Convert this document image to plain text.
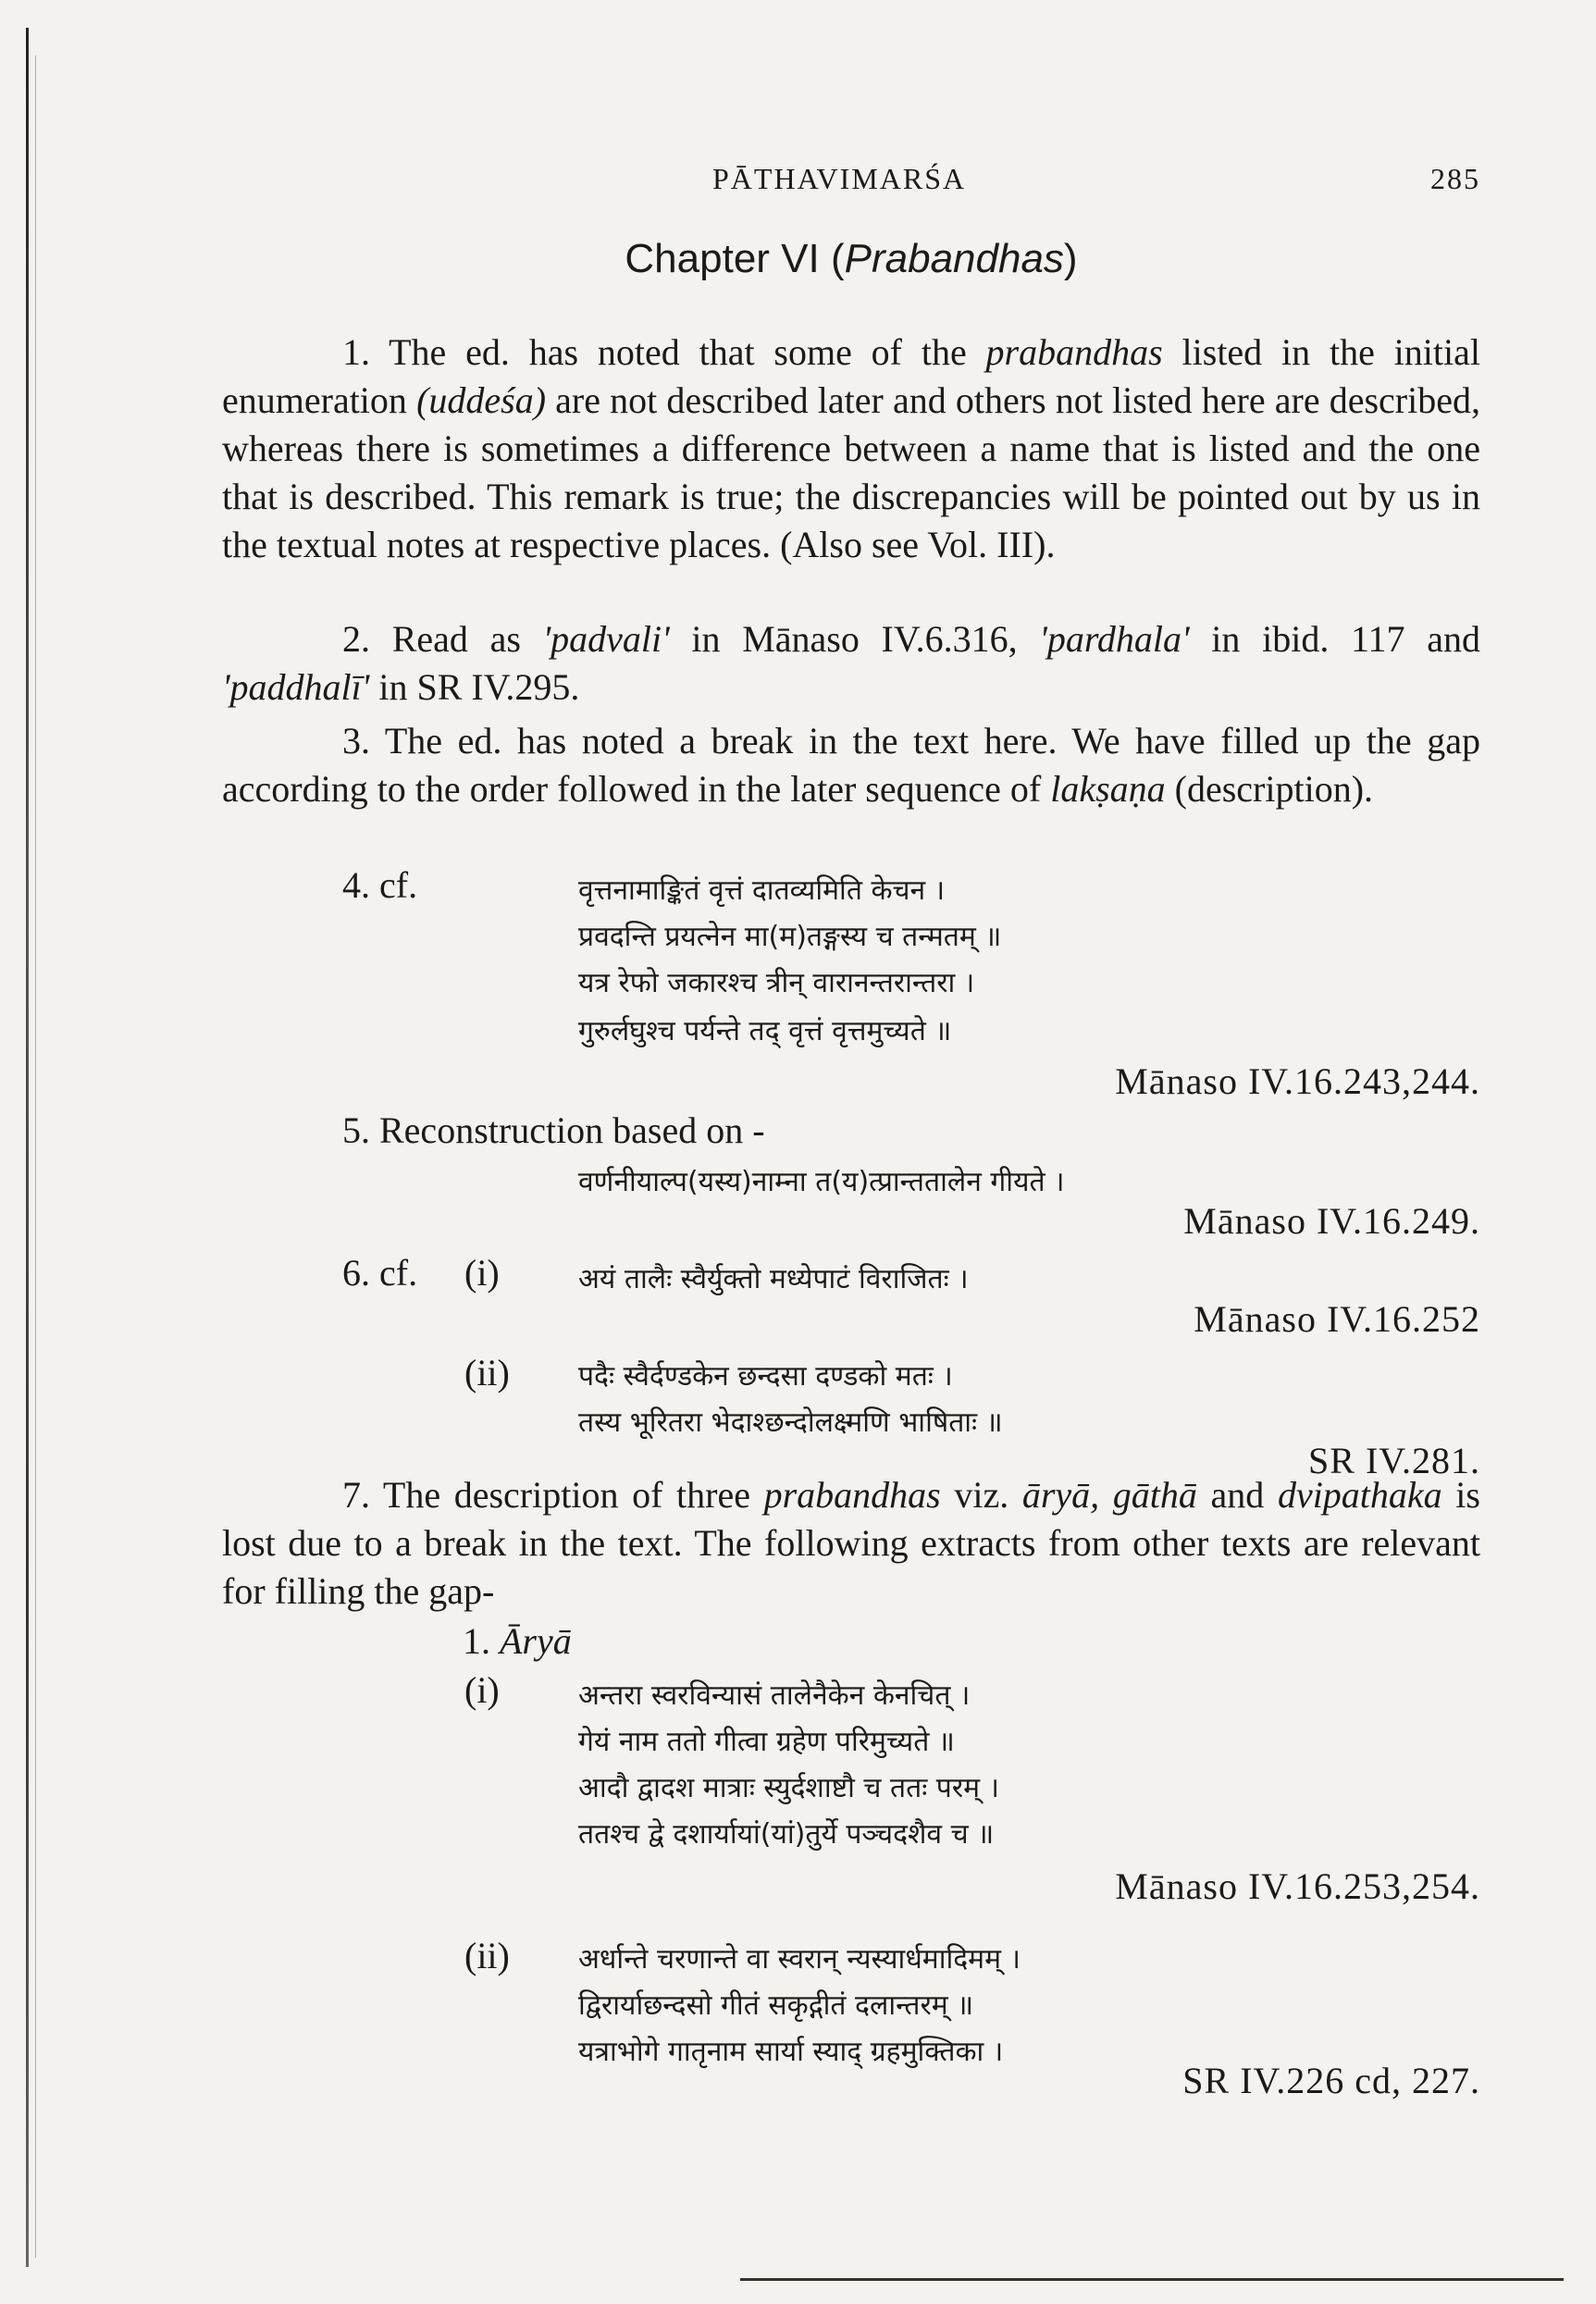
PĀTHAVIMARŚA	285
Chapter VI (Prabandhas)
1. The ed. has noted that some of the prabandhas listed in the initial enumeration (uddeśa) are not described later and others not listed here are described, whereas there is sometimes a difference between a name that is listed and the one that is described. This remark is true; the discrepancies will be pointed out by us in the textual notes at respective places. (Also see Vol. III).
2. Read as 'padvali' in Mānaso IV.6.316, 'pardhala' in ibid. 117 and 'paddhalī' in SR IV.295.
3. The ed. has noted a break in the text here. We have filled up the gap according to the order followed in the later sequence of lakṣaṇa (description).
4. cf.	वृत्तनामाङ्कितं वृत्तं दातव्यमिति केचन ।
प्रवदन्ति प्रयत्नेन मा(म)तङ्गस्य च तन्मतम् ॥
यत्र रेफो जकारश्च त्रीन् वारानन्तरान्तरा ।
गुरुर्लघुश्च पर्यन्ते तद् वृत्तं वृत्तमुच्यते ॥
Mānaso IV.16.243,244.
5. Reconstruction based on -
वर्णनीयाल्प(यस्य)नाम्ना त(य)त्प्रान्ततालेन गीयते ।
Mānaso IV.16.249.
6. cf. (i)	अयं तालैः स्वैर्युक्तो मध्येपाटं विराजितः ।
Mānaso IV.16.252
(ii) पदैः स्वैर्दण्डकेन छन्दसा दण्डको मतः ।
तस्य भूरितरा भेदाश्छन्दोलक्ष्मणि भाषिताः ॥
SR IV.281.
7. The description of three prabandhas viz. āryā, gāthā and dvipathaka is lost due to a break in the text. The following extracts from other texts are relevant for filling the gap-
1. Āryā
(i)	अन्तरा स्वरविन्यासं तालेनैकेन केनचित् ।
गेयं नाम ततो गीत्वा ग्रहेण परिमुच्यते ॥
आदौ द्वादश मात्राः स्युर्दशाष्टौ च ततः परम् ।
ततश्च द्वे दशार्यायां(यां)तुर्ये पञ्चदशैव च ॥
Mānaso IV.16.253,254.
(ii) अर्धान्ते चरणान्ते वा स्वरान् न्यस्यार्धमादिमम् ।
द्विरार्याछन्दसो गीतं सकृद्गीतं दलान्तरम् ॥
यत्राभोगे गातृनाम सार्या स्याद् ग्रहमुक्तिका ।
SR IV.226 cd, 227.
